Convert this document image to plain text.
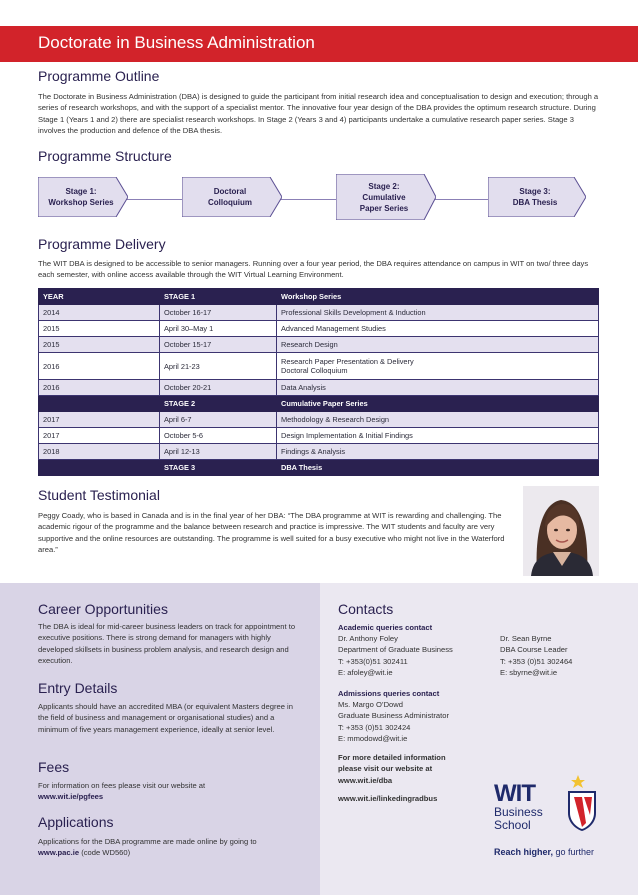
Doctorate in Business Administration
Programme Outline

The Doctorate in Business Administration (DBA) is designed to guide the participant from initial research idea and conceptualisation to design and execution; through a series of research workshops, and with the support of a specialist mentor. The innovative four year design of the DBA provides the optimum research structure. During Stage 1 (Years 1 and 2) there are specialist research workshops. In Stage 2 (Years 3 and 4) participants undertake a cumulative research paper series. Stage 3 involves the production and defence of the DBA thesis.

Programme Structure
Stage 1:
Workshop Series
Doctoral
Colloquium
Stage 2:
Cumulative
Paper Series
Stage 3:
DBA Thesis
Programme Delivery

The WIT DBA is designed to be accessible to senior managers. Running over a four year period, the DBA requires attendance on campus in WIT on two/ three days each semester, with online access available through the WIT Virtual Learning Environment.

YEAR	STAGE 1	Workshop Series
2014	October 16-17	Professional Skills Development & Induction
2015	April 30–May 1	Advanced Management Studies
2015	October 15-17	Research Design
2016	April 21-23	Research Paper Presentation & Delivery
Doctoral Colloquium
2016	October 20-21	Data Analysis
	STAGE 2	Cumulative Paper Series
2017	April 6-7	Methodology & Research Design
2017	October 5-6	Design Implementation & Initial Findings
2018	April 12-13	Findings & Analysis
	STAGE 3	DBA Thesis
Student Testimonial

Peggy Coady, who is based in Canada and is in the final year of her DBA: “The DBA programme at WIT is rewarding and challenging. The academic rigour of the programme and the balance between research and practice is impressive. The WIT students and faculty are very supportive and the online resources are outstanding. The programme is well suited for a busy executive who might not live in the Waterford area.”

Career Opportunities

The DBA is ideal for mid-career business leaders on track for appointment to executive positions. There is strong demand for managers with highly developed skillsets in business problem analysis, and research design and execution.

Entry Details

Applicants should have an accredited MBA (or equivalent Masters degree in the field of business and management or organisational studies) and a minimum of five years management experience, ideally at senior level.

Fees

For information on fees please visit our website at
www.wit.ie/pgfees

Applications

Applications for the DBA programme are made online by going to
www.pac.ie (code WD560)

Contacts
Academic queries contact
Dr. Anthony Foley
Department of Graduate Business
T: +353(0)51 302411
E: afoley@wit.ie
Dr. Sean Byrne
DBA Course Leader
T: +353 (0)51 302464
E: sbyrne@wit.ie
Admissions queries contact
Ms. Margo O’Dowd
Graduate Business Administrator
T: +353 (0)51 302424
E: mmodowd@wit.ie
For more detailed information
please visit our website at
www.wit.ie/dba
www.wit.ie/linkedingradbus WIT
Business
School
Reach higher, go further
